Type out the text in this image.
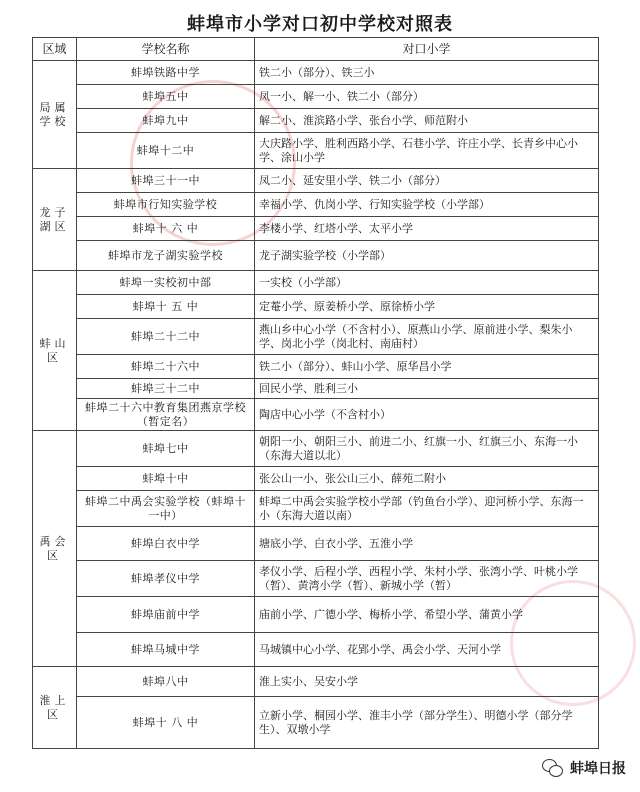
蚌埠市小学对口初中学校对照表
区域	学校名称	对口小学
局属学校	蚌埠铁路中学	铁二小（部分）、铁三小
	蚌埠五中	凤一小、解一小、铁二小（部分）
	蚌埠九中	解二小、淮滨路小学、张台小学、师范附小
	蚌埠十二中	大庆路小学、胜利西路小学、石巷小学、许庄小学、长青乡中心小学、涂山小学
龙子湖区	蚌埠三十一中	凤二小、延安里小学、铁二小（部分）
	蚌埠市行知实验学校	幸福小学、仇岗小学、行知实验学校（小学部）
	蚌埠十 六 中	李楼小学、红塔小学、太平小学
	蚌埠市龙子湖实验学校	龙子湖实验学校（小学部）
蚌山区	蚌埠一实校初中部	一实校（小学部）
	蚌埠十 五 中	定菴小学、原姜桥小学、原徐桥小学
	蚌埠二十二中	燕山乡中心小学（不含村小）、原燕山小学、原前进小学、梨朱小学、岗北小学（岗北村、南庙村）
	蚌埠二十六中	铁二小（部分）、蚌山小学、原华昌小学
	蚌埠三十二中	回民小学、胜利三小
	蚌埠二十六中教育集团燕京学校（暂定名）	陶店中心小学（不含村小）
禹会区	蚌埠七中	朝阳一小、朝阳三小、前进二小、红旗一小、红旗三小、东海一小（东海大道以北）
	蚌埠十中	张公山一小、张公山三小、薛苑二附小
	蚌埠二中禹会实验学校（蚌埠十一中）	蚌埠二中禹会实验学校小学部（钓鱼台小学）、迎河桥小学、东海一小（东海大道以南）
	蚌埠白衣中学	塘底小学、白衣小学、五淮小学
	蚌埠孝仪中学	孝仪小学、后程小学、西程小学、朱村小学、张湾小学、叶桃小学（暂）、黄湾小学（暂）、新城小学（暂）
	蚌埠庙前中学	庙前小学、广德小学、梅桥小学、希望小学、蒲黄小学
	蚌埠马城中学	马城镇中心小学、花郢小学、禹会小学、天河小学
淮上区	蚌埠八中	淮上实小、吴安小学
	蚌埠十 八 中	立新小学、桐园小学、淮丰小学（部分学生）、明德小学（部分学生）、双墩小学
蚌埠日报
